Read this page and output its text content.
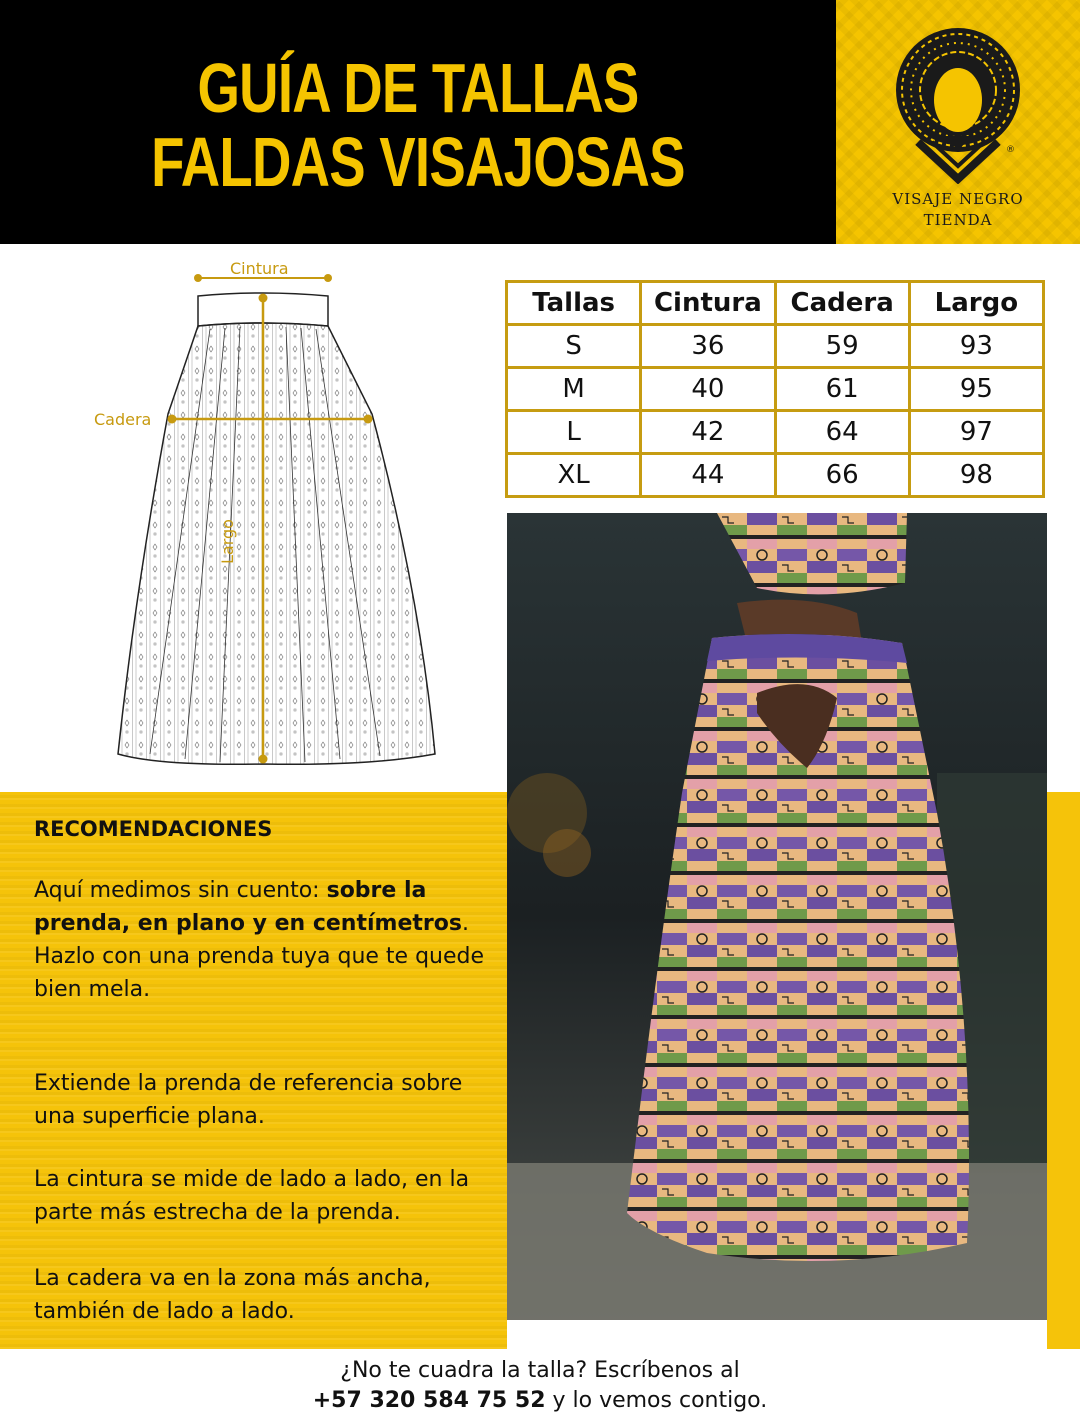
GUÍA DE TALLAS
FALDAS VISAJOSAS	®
VISAJE NEGRO
TIENDA
Cintura
Cadera
Largo
Tallas	Cintura	Cadera	Largo
S	36	59	93
M	40	61	95
L	42	64	97
XL	44	66	98
RECOMENDACIONES
Aquí medimos sin cuento: sobre la prenda, en plano y en centímetros. Hazlo con una prenda tuya que te quede bien mela.
Extiende la prenda de referencia sobre una superficie plana.
La cintura se mide de lado a lado, en la parte más estrecha de la prenda.
La cadera va en la zona más ancha, también de lado a lado.
¿No te cuadra la talla? Escríbenos al
+57 320 584 75 52 y lo vemos contigo.
